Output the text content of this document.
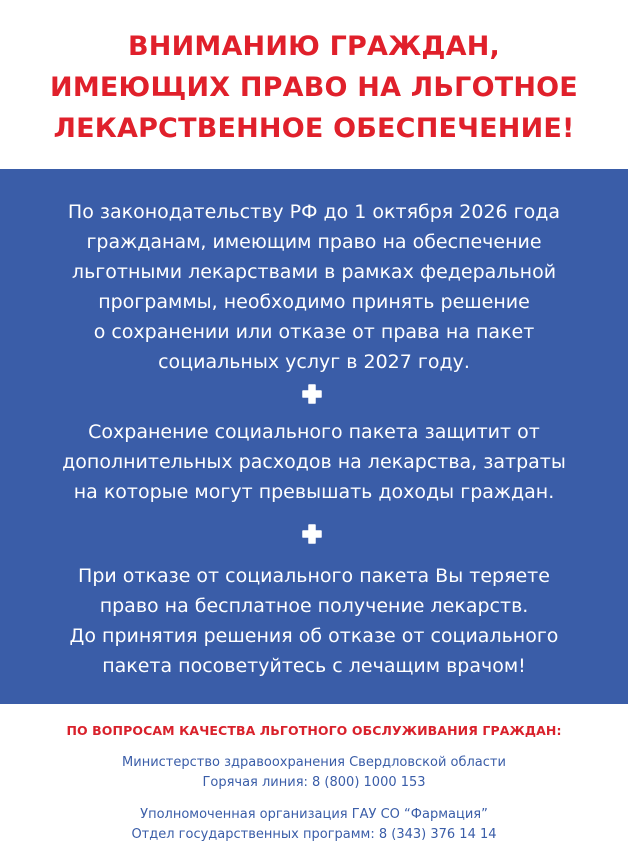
ВНИМАНИЮ ГРАЖДАН,
ИМЕЮЩИХ ПРАВО НА ЛЬГОТНОЕ
ЛЕКАРСТВЕННОЕ ОБЕСПЕЧЕНИЕ!

По законодательству РФ до 1 октября 2026 года
гражданам, имеющим право на обеспечение
льготными лекарствами в рамках федеральной
программы, необходимо принять решение
о сохранении или отказе от права на пакет
социальных услуг в 2027 году.

Сохранение социального пакета защитит от
дополнительных расходов на лекарства, затраты
на которые могут превышать доходы граждан.

При отказе от социального пакета Вы теряете
право на бесплатное получение лекарств.
До принятия решения об отказе от социального
пакета посоветуйтесь с лечащим врачом!

ПО ВОПРОСАМ КАЧЕСТВА ЛЬГОТНОГО ОБСЛУЖИВАНИЯ ГРАЖДАН:

Министерство здравоохранения Свердловской области
Горячая линия: 8 (800) 1000 153

Уполномоченная организация ГАУ СО “Фармация”
Отдел государственных программ: 8 (343) 376 14 14
